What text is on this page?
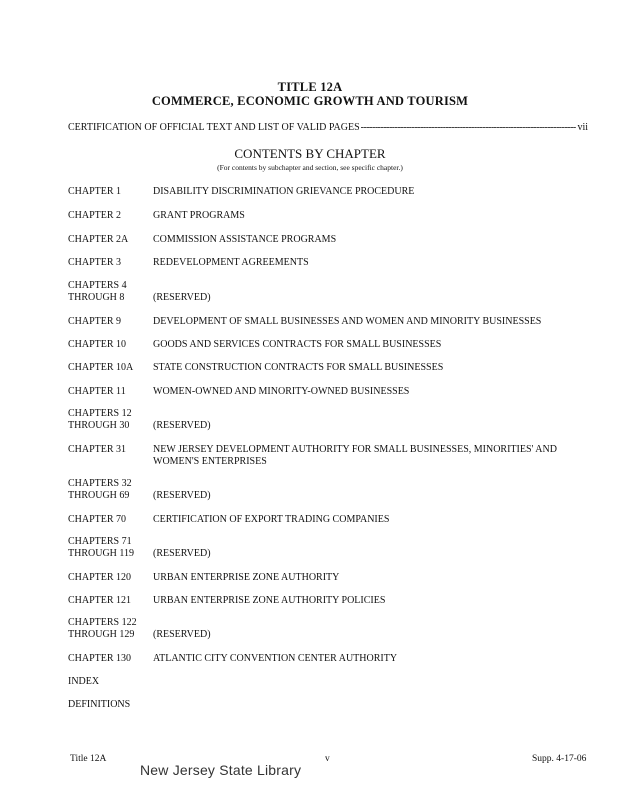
TITLE 12A
COMMERCE, ECONOMIC GROWTH AND TOURISM
CERTIFICATION OF OFFICIAL TEXT AND LIST OF VALID PAGES
-----	vii
CONTENTS BY CHAPTER
(For contents by subchapter and section, see specific chapter.)
CHAPTER 1	DISABILITY DISCRIMINATION GRIEVANCE PROCEDURE
CHAPTER 2	GRANT PROGRAMS
CHAPTER 2A	COMMISSION ASSISTANCE PROGRAMS
CHAPTER 3	REDEVELOPMENT AGREEMENTS
CHAPTERS 4
THROUGH 8	(RESERVED)
CHAPTER 9	DEVELOPMENT OF SMALL BUSINESSES AND WOMEN AND MINORITY BUSINESSES
CHAPTER 10	GOODS AND SERVICES CONTRACTS FOR SMALL BUSINESSES
CHAPTER 10A	STATE CONSTRUCTION CONTRACTS FOR SMALL BUSINESSES
CHAPTER 11	WOMEN-OWNED AND MINORITY-OWNED BUSINESSES
CHAPTERS 12
THROUGH 30	(RESERVED)
CHAPTER 31	NEW JERSEY DEVELOPMENT AUTHORITY FOR SMALL BUSINESSES, MINORITIES' AND WOMEN'S ENTERPRISES
CHAPTERS 32
THROUGH 69	(RESERVED)
CHAPTER 70	CERTIFICATION OF EXPORT TRADING COMPANIES
CHAPTERS 71
THROUGH 119	(RESERVED)
CHAPTER 120	URBAN ENTERPRISE ZONE AUTHORITY
CHAPTER 121	URBAN ENTERPRISE ZONE AUTHORITY POLICIES
CHAPTERS 122
THROUGH 129	(RESERVED)
CHAPTER 130	ATLANTIC CITY CONVENTION CENTER AUTHORITY
INDEX
DEFINITIONS
Title 12A	v	Supp. 4-17-06
New Jersey State Library
